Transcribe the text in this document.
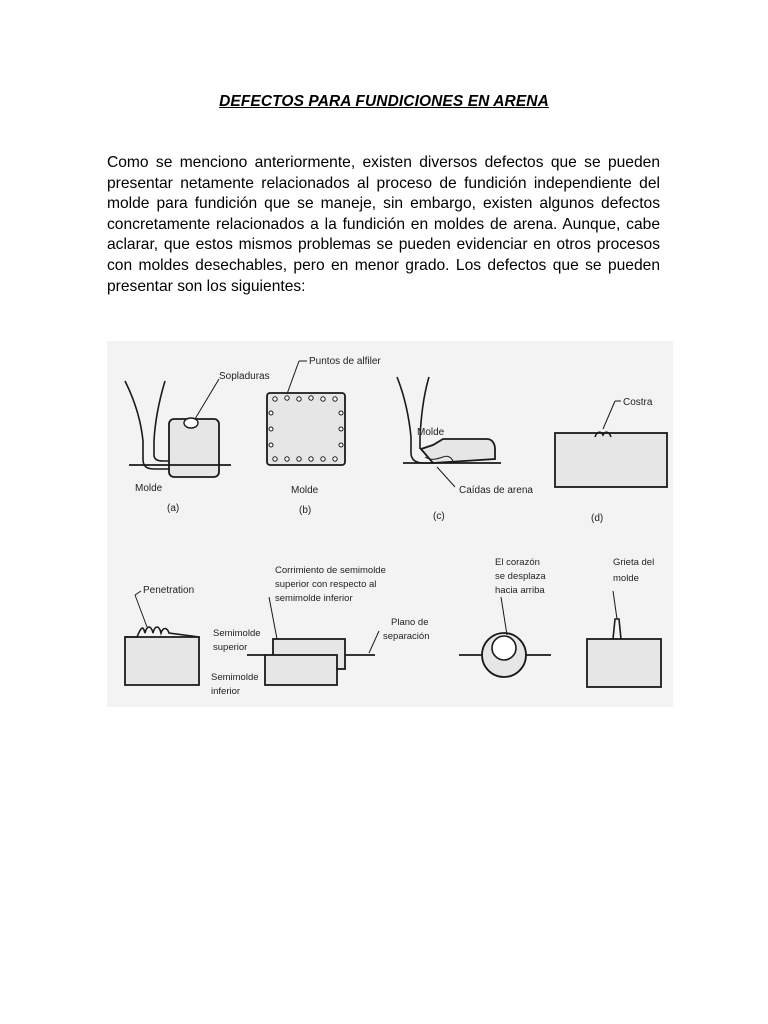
DEFECTOS PARA FUNDICIONES EN ARENA

Como se menciono anteriormente, existen diversos defectos que se pueden presentar netamente relacionados al proceso de fundición independiente del molde para fundición que se maneje, sin embargo, existen algunos defectos concretamente relacionados a la fundición en moldes de arena. Aunque, cabe aclarar, que estos mismos problemas se pueden evidenciar en otros procesos con moldes desechables, pero en menor grado. Los defectos que se pueden presentar son los siguientes:

Sopladuras
Molde
(a)
Puntos de alfiler
Molde
(b)
Molde
Caídas de arena
(c)
Costra
(d)
Penetration
Corrimiento de semimolde
superior con respecto al
semimolde inferior
Semimolde
superior
Semimolde
inferior
Plano de
separación
El corazón
se desplaza
hacia arriba
Grieta del
molde
